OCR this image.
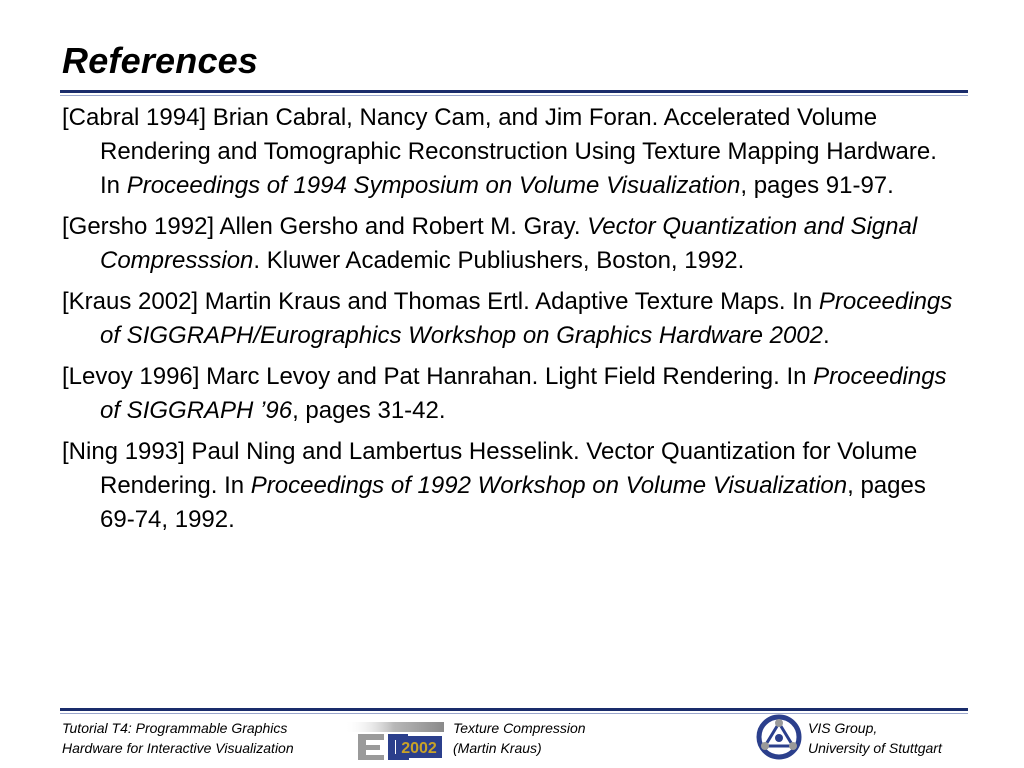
References
[Cabral 1994] Brian Cabral, Nancy Cam, and Jim Foran. Accelerated Volume Rendering and Tomographic Reconstruction Using Texture Mapping Hardware. In Proceedings of 1994 Symposium on Volume Visualization, pages 91-97.
[Gersho 1992] Allen Gersho and Robert M. Gray. Vector Quantization and Signal Compresssion. Kluwer Academic Publiushers, Boston, 1992.
[Kraus 2002] Martin Kraus and Thomas Ertl. Adaptive Texture Maps. In Proceedings of SIGGRAPH/Eurographics Workshop on Graphics Hardware 2002.
[Levoy 1996] Marc Levoy and Pat Hanrahan. Light Field Rendering. In Proceedings of SIGGRAPH ’96, pages 31-42.
[Ning 1993] Paul Ning and Lambertus Hesselink. Vector Quantization for Volume Rendering. In Proceedings of 1992 Workshop on Volume Visualization, pages 69-74, 1992.
Tutorial T4: Programmable Graphics
Hardware for Interactive Visualization	2002
Texture Compression
(Martin Kraus)
VIS Group,
University of Stuttgart
